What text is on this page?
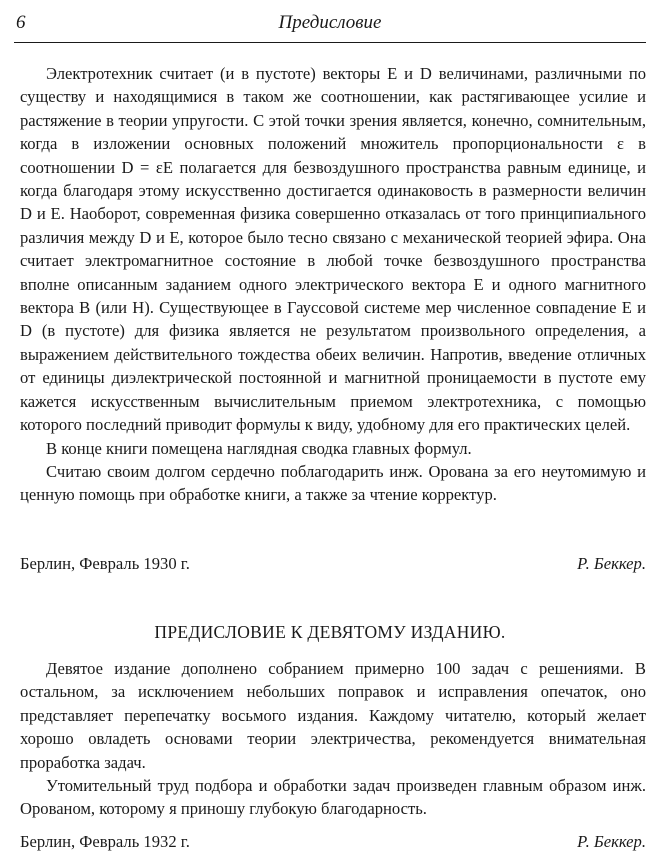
6	Предисловие

Электротехник считает (и в пустоте) векторы E и D величинами, различными по существу и находящимися в таком же соотношении, как растягивающее усилие и растяжение в теории упругости. С этой точки зрения является, конечно, сомнительным, когда в изложении основных положений множитель пропорциональности ε в соотношении D = εE полагается для безвоздушного пространства равным единице, и когда благодаря этому искусственно достигается одинаковость в размерности величин D и E. Наоборот, современная физика совершенно отказалась от того принципиального различия между D и E, которое было тесно связано с механической теорией эфира. Она считает электромагнитное состояние в любой точке безвоздушного пространства вполне описанным заданием одного электрического вектора E и одного магнитного вектора B (или H). Существующее в Гауссовой системе мер численное совпадение E и D (в пустоте) для физика является не результатом произвольного определения, а выражением действительного тождества обеих величин. Напротив, введение отличных от единицы диэлектрической постоянной и магнитной проницаемости в пустоте ему кажется искусственным вычислительным приемом электротехника, с помощью которого последний приводит формулы к виду, удобному для его практических целей.

В конце книги помещена наглядная сводка главных формул.

Считаю своим долгом сердечно поблагодарить инж. Орована за его неутомимую и ценную помощь при обработке книги, а также за чтение корректур.

Берлин, Февраль 1930 г.	Р. Беккер.
ПРЕДИСЛОВИЕ К ДЕВЯТОМУ ИЗДАНИЮ.

Девятое издание дополнено собранием примерно 100 задач с решениями. В остальном, за исключением небольших поправок и исправления опечаток, оно представляет перепечатку восьмого издания. Каждому читателю, который желает хорошо овладеть основами теории электричества, рекомендуется внимательная проработка задач.

Утомительный труд подбора и обработки задач произведен главным образом инж. Орованом, которому я приношу глубокую благодарность.

Берлин, Февраль 1932 г.	Р. Беккер.
